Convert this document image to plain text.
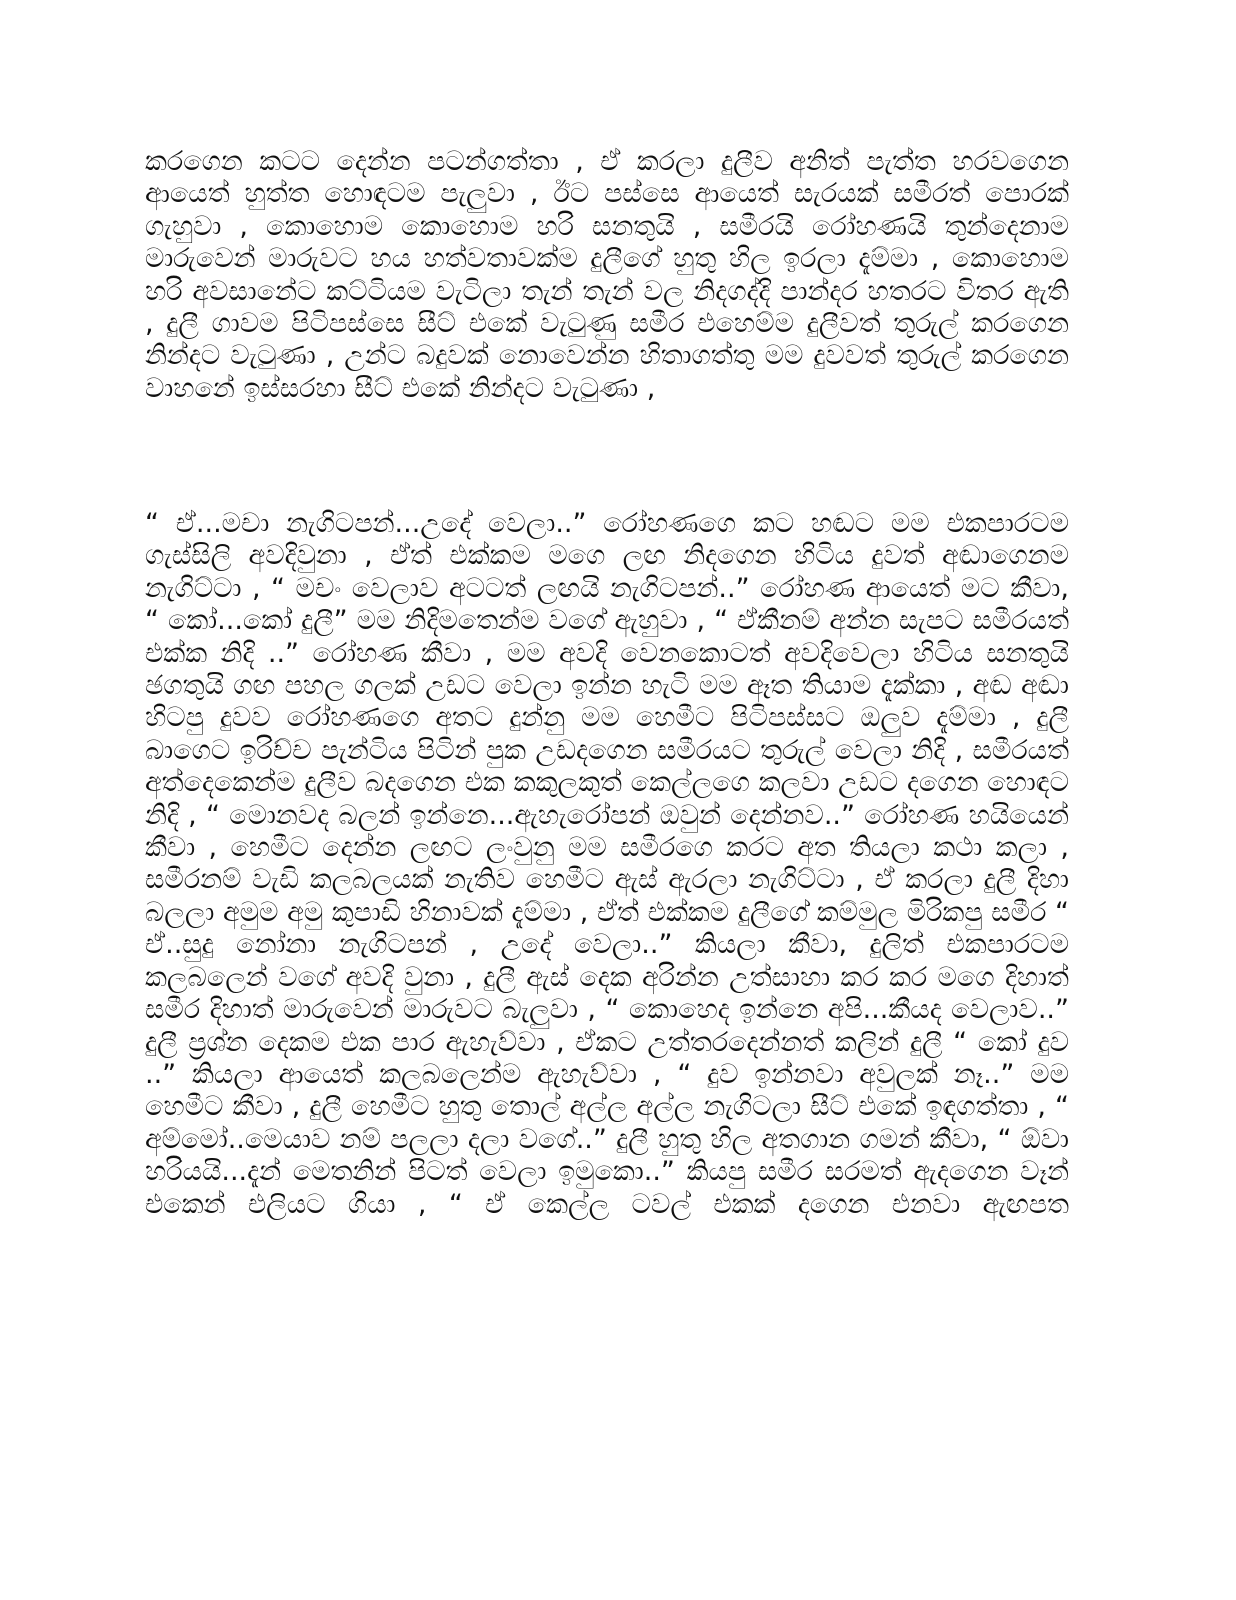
කරගෙන කටට දෙන්න පටන්ගත්තා , ඒ කරලා දුලීව අනිත් පැත්ත හරවගෙන ආයෙත් හුත්ත හොඳටම පැලුවා , ඊට පස්සෙ ආයෙත් සැරයක් සමීරත් පොරක් ගැහුවා , කොහොම කොහොම හරි සනතුයි , සමීරයි රෝහණයි තුන්දෙනාම මාරුවෙන් මාරුවට හය හත්වතාවක්ම දුලීගේ හුතු හිල ඉරලා දැම්මා , කොහොම හරි අවසානේට කට්ටියම වැටිලා තැන් තැන් වල නිදගද්දි පාන්දර හතරට විතර ඇති , දුලී ගාවම පිටිපස්සෙ සීට් එකේ වැටුණු සමීර එහෙම්ම දුලීවත් තුරුල් කරගෙන නින්දට වැටුණා , උන්ට බදුවක් නොවෙන්න හිතාගත්තු මම දුවවත් තුරුල් කරගෙන වාහනේ ඉස්සරහා සීට් එකේ නින්දට වැටුණා ,

“ ඒ...මචා නැගිටපන්...උදේ වෙලා..” රෝහණගෙ කට හඬට මම එකපාරටම ගැස්සිලි අවදිවුනා , ඒත් එක්කම මගෙ ලඟ නිදගෙන හිටිය දුවත් අඬාගෙනම නැගිට්ටා , “ මචං වෙලාව අටටත් ලඟයි නැගිටපන්..” රෝහණ ආයෙත් මට කීවා, “ කෝ...කෝ දුලී” මම නිදිමතෙන්ම වගේ ඇහුවා , “ ඒකීනම් අන්න සැපට සමීරයත් එක්ක නිදි ..” රෝහණ කීවා , මම අවදි වෙනකොටත් අවදිවෙලා හිටිය සනතුයි ඡගතුයි ගඟ පහල ගලක් උඩට වෙලා ඉන්න හැටි මම ඈත තියාම දැක්කා , අඬ අඬා හිටපු දුවව රෝහණගෙ අතට දුන්නු මම හෙමීට පිටිපස්සට ඔලුව දැම්මා , දුලී බාගෙට ඉරිච්ච පැන්ටිය පිටින් පුක උඩදගෙන සමීරයට තුරුල් වෙලා නිදි , සමීරයත් අත්දෙකෙන්ම දුලීව බදගෙන එක කකුලකුත් කෙල්ලගෙ කලවා උඩට දගෙන හොඳට නිදි , “ මොනවද බලන් ඉන්නෙ...ඇහැරෝපන් ඔවුන් දෙන්නව..” රෝහණ හයියෙන් කීවා , හෙමීට දෙන්න ලඟට ලංවුනු මම සමීරගෙ කරට අත තියලා කථා කලා , සමීරනම් වැඩි කලබලයක් නැතිව හෙමීට ඇස් ඇරලා නැගිට්ටා , ඒ කරලා දුලී දිහා බලලා අමුම අමු කුපාඩි හිනාවක් දැම්මා , ඒත් එක්කම දුලීගේ කම්මුල මිරිකපු සමීර “ ඒ..සුදු නෝනා නැගිටපන් , උදේ වෙලා..” කියලා කීවා, දුලිත් එකපාරටම කලබලෙන් වගේ අවදි වුනා , දුලී ඇස් දෙක අරින්න උත්සාහා කර කර මගෙ දිහාත් සමීර දිහාත් මාරුවෙන් මාරුවට බැලුවා , “ කොහෙද ඉන්නෙ අපි...කීයද වෙලාව..” දුලී ප්‍රශ්න දෙකම එක පාර ඇහැව්වා , ඒකට උත්තරදෙන්නත් කලින් දුලී “ කෝ දුව ..” කියලා ආයෙත් කලබලෙන්ම ඇහැව්වා , “ දුව ඉන්නවා අවුලක් නෑ..” මම හෙමීට කීවා , දුලී හෙමීට හුතු තොල් අල්ල අල්ල නැගිටලා සීට් එකේ ඉඳගත්තා , “ අම්මෝ..මෙයාව නම් පලලා දලා වගේ..” දුලී හුතු හිල අතගාන ගමන් කීවා, “ ඕවා හරියයි...දැන් මෙතනින් පිටත් වෙලා ඉමුකො..” කියපු සමීර සරමත් ඇදගෙන වෑන් එකෙන් එලියට ගියා , “ ඒ කෙල්ල ටවල් එකක් දගෙන එනවා ඇඟපත
